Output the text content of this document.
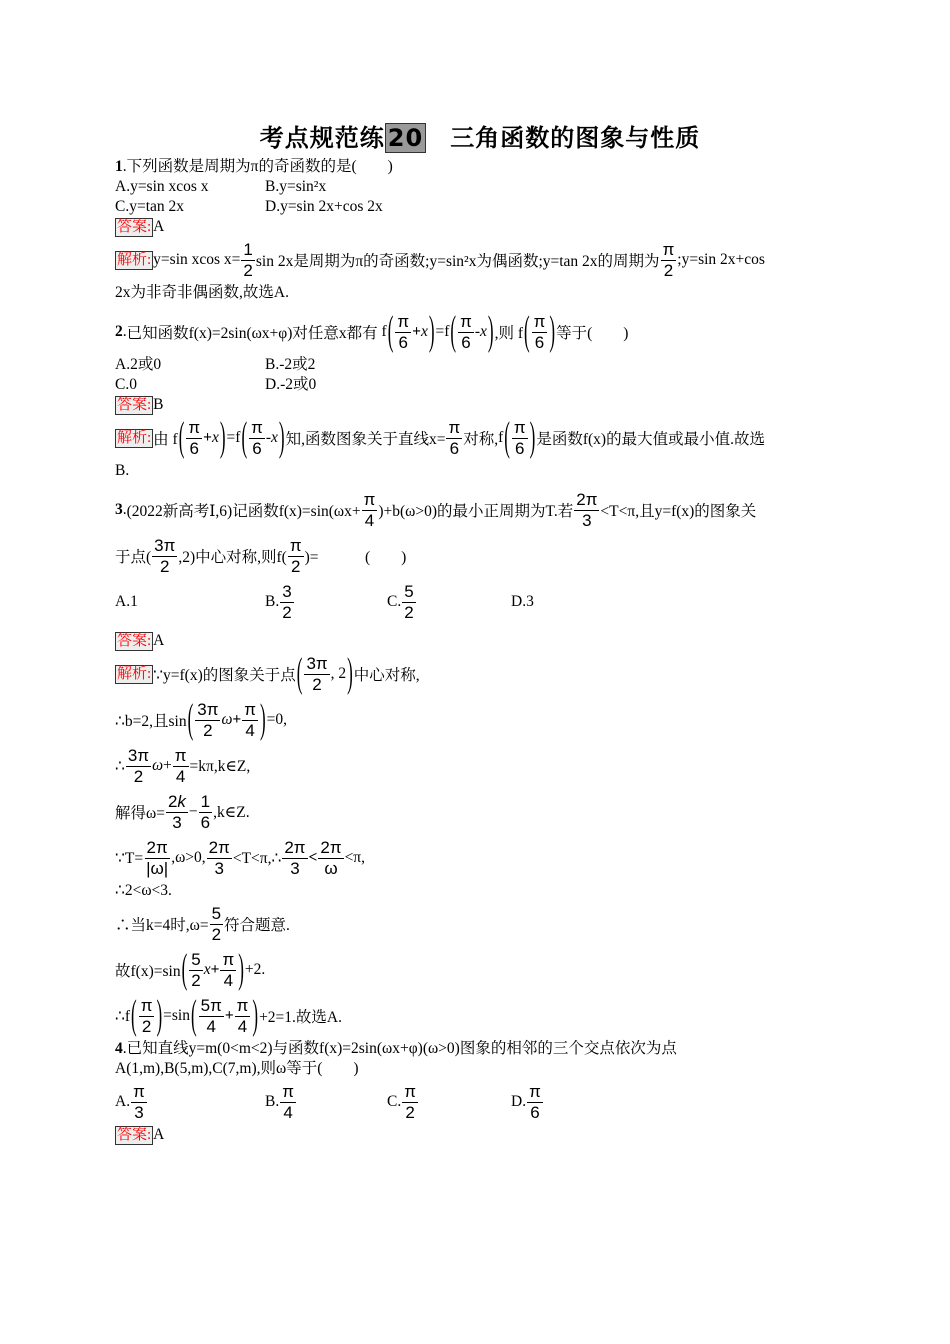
考点规范练 20 三角函数的图象与性质
1.下列函数是周期为π的奇函数的是(　　)
A.y=sin xcos x	B.y=sin²x
C.y=tan 2x	D.y=sin 2x+cos 2x
答案: A
解析: y=sin xcos $x= \frac{1}{2}$ sin 2x是周期为π的奇函数;y=sin²x为偶函数;y=tan 2x的周期为 $\frac{\pi}{2}$ ;y=sin 2x+cos
2x为非奇非偶函数,故选A.
2 . 已知函数f(x)=2sin(ωx+φ)对任意x都有 f ( $\frac{\pi}{6} + x$ ) =f ( $\frac{\pi}{6}$ - x ) ,则 f ( $\frac{\pi}{6}$ ) 等于(　　)
A.2或0	B.-2或2
C.0	D.-2或0
答案: B
解析: 由 f ( $\frac{\pi}{6} + x$ ) =f ( $\frac{\pi}{6}$ - x ) 知,函数图象关于直线$x= \frac{\pi}{6}$ 对称, f ( $\frac{\pi}{6}$ ) 是函数f(x)的最大值或最小值.故选
B.
3 . (2022新高考Ⅰ,6)记函数$f(x)=\sin(\omega x+ \frac{\pi}{4} )+b(\omega>0)$的最小正周期为T.若 $\frac{2\pi}{3} <T<\pi$,且y=f(x)的图象关
于点( $\frac{3\pi}{2} ,2$)中心对称,则$f( \frac{\pi}{2}$ )=　　　(　　)
A.1	B. $\frac{3}{2}$	C. $\frac{5}{2}$	D.3
答案: A
解析: ∵y=f(x)的图象关于点 ( $\frac{3\pi}{2}$ , 2 ) 中心对称,
∴b=2,且sin ( $\frac{3\pi}{2}$ $\omega + \frac{\pi}{4}$ ) =0,
∴ $\frac{3\pi}{2}$ $\omega + \frac{\pi}{4}$ =kπ,k∈Z,
解得$\omega= \frac{2k}{3} - \frac{1}{6}$ ,k∈Z.
∵T= $\frac{2\pi}{|\omega|} ,\omega>0$, $\frac{2\pi}{3}$ <T<π,∴ $\frac{2\pi}{3} < \frac{2\pi}{\omega} <\pi$,
∴2<ω<3.
∴当k=4时$,\omega= \frac{5}{2}$ 符合题意.
故f(x)=sin ( $\frac{5}{2}$ $x + \frac{\pi}{4}$ ) +2.
∴f ( $\frac{\pi}{2}$ ) =sin ( $\frac{5\pi}{4} + \frac{\pi}{4}$ ) +2=1.故选A.
4.已知直线y=m(0<m<2)与函数f(x)=2sin(ωx+φ)(ω>0)图象的相邻的三个交点依次为点
A(1,m),B(5,m),C(7,m),则ω等于(　　)
A. $\frac{\pi}{3}$	B. $\frac{\pi}{4}$	C. $\frac{\pi}{2}$	D. $\frac{\pi}{6}$
答案: A
